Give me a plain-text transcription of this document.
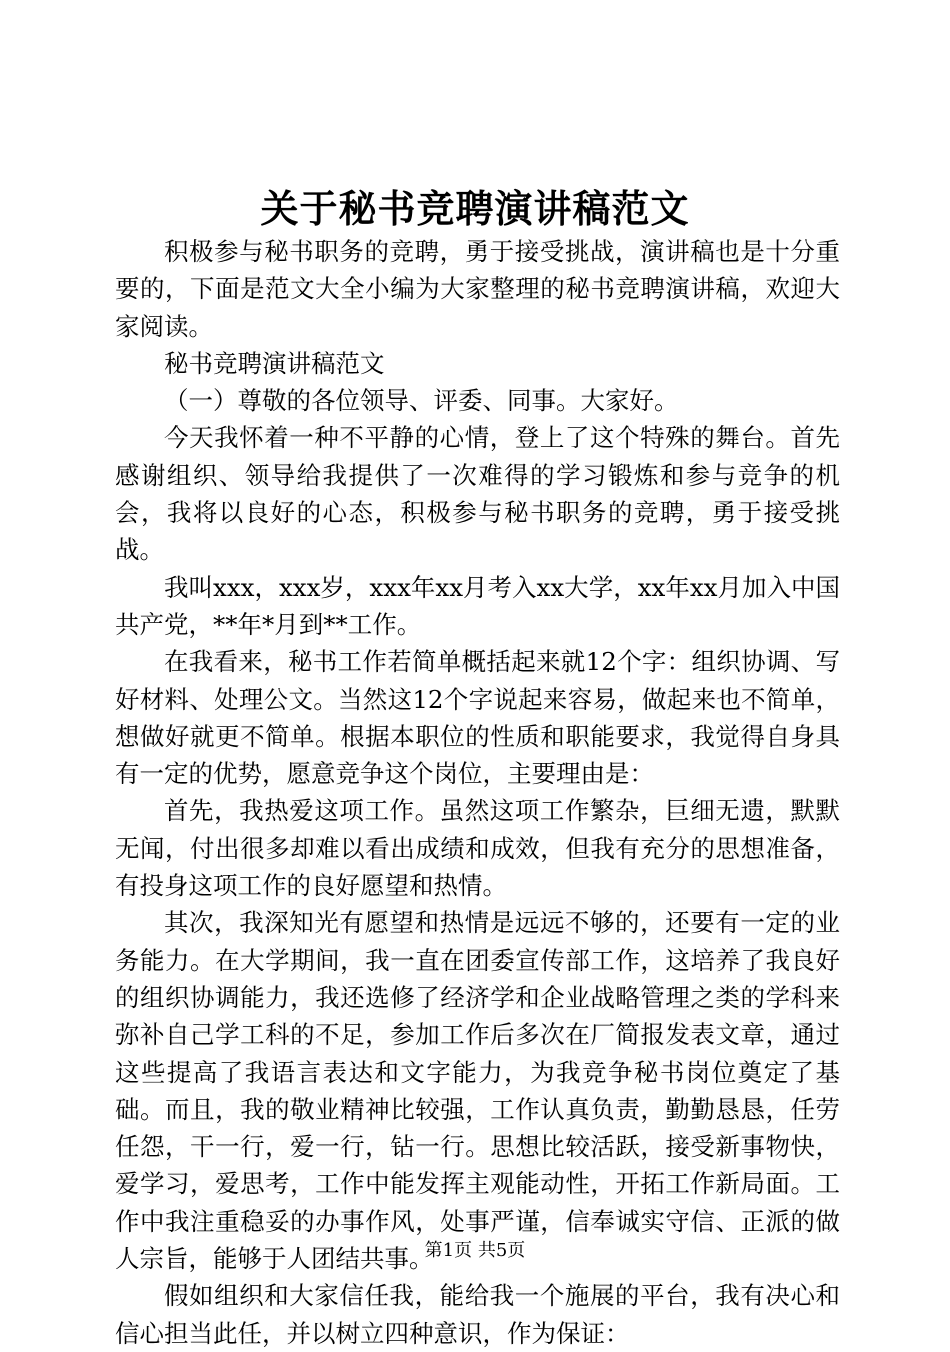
关于秘书竞聘演讲稿范文

积极参与秘书职务的竞聘，勇于接受挑战，演讲稿也是十分重要的，下面是范文大全小编为大家整理的秘书竞聘演讲稿，欢迎大家阅读。

秘书竞聘演讲稿范文

（一）尊敬的各位领导、评委、同事。大家好。

今天我怀着一种不平静的心情，登上了这个特殊的舞台。首先感谢组织、领导给我提供了一次难得的学习锻炼和参与竞争的机会，我将以良好的心态，积极参与秘书职务的竞聘，勇于接受挑战。

我叫xxx，xxx岁，xxx年xx月考入xx大学，xx年xx月加入中国共产党，**年*月到**工作。

在我看来，秘书工作若简单概括起来就12个字：组织协调、写好材料、处理公文。当然这12个字说起来容易，做起来也不简单，想做好就更不简单。根据本职位的性质和职能要求，我觉得自身具有一定的优势，愿意竞争这个岗位，主要理由是：

首先，我热爱这项工作。虽然这项工作繁杂，巨细无遗，默默无闻，付出很多却难以看出成绩和成效，但我有充分的思想准备，有投身这项工作的良好愿望和热情。

其次，我深知光有愿望和热情是远远不够的，还要有一定的业务能力。在大学期间，我一直在团委宣传部工作，这培养了我良好的组织协调能力，我还选修了经济学和企业战略管理之类的学科来弥补自己学工科的不足，参加工作后多次在厂简报发表文章，通过这些提高了我语言表达和文字能力，为我竞争秘书岗位奠定了基础。而且，我的敬业精神比较强，工作认真负责，勤勤恳恳，任劳任怨，干一行，爱一行，钻一行。思想比较活跃，接受新事物快，爱学习，爱思考，工作中能发挥主观能动性，开拓工作新局面。工作中我注重稳妥的办事作风，处事严谨，信奉诚实守信、正派的做人宗旨，能够于人团结共事。

假如组织和大家信任我，能给我一个施展的平台，我有决心和信心担当此任，并以树立四种意识，作为保证：

第1页 共5页
